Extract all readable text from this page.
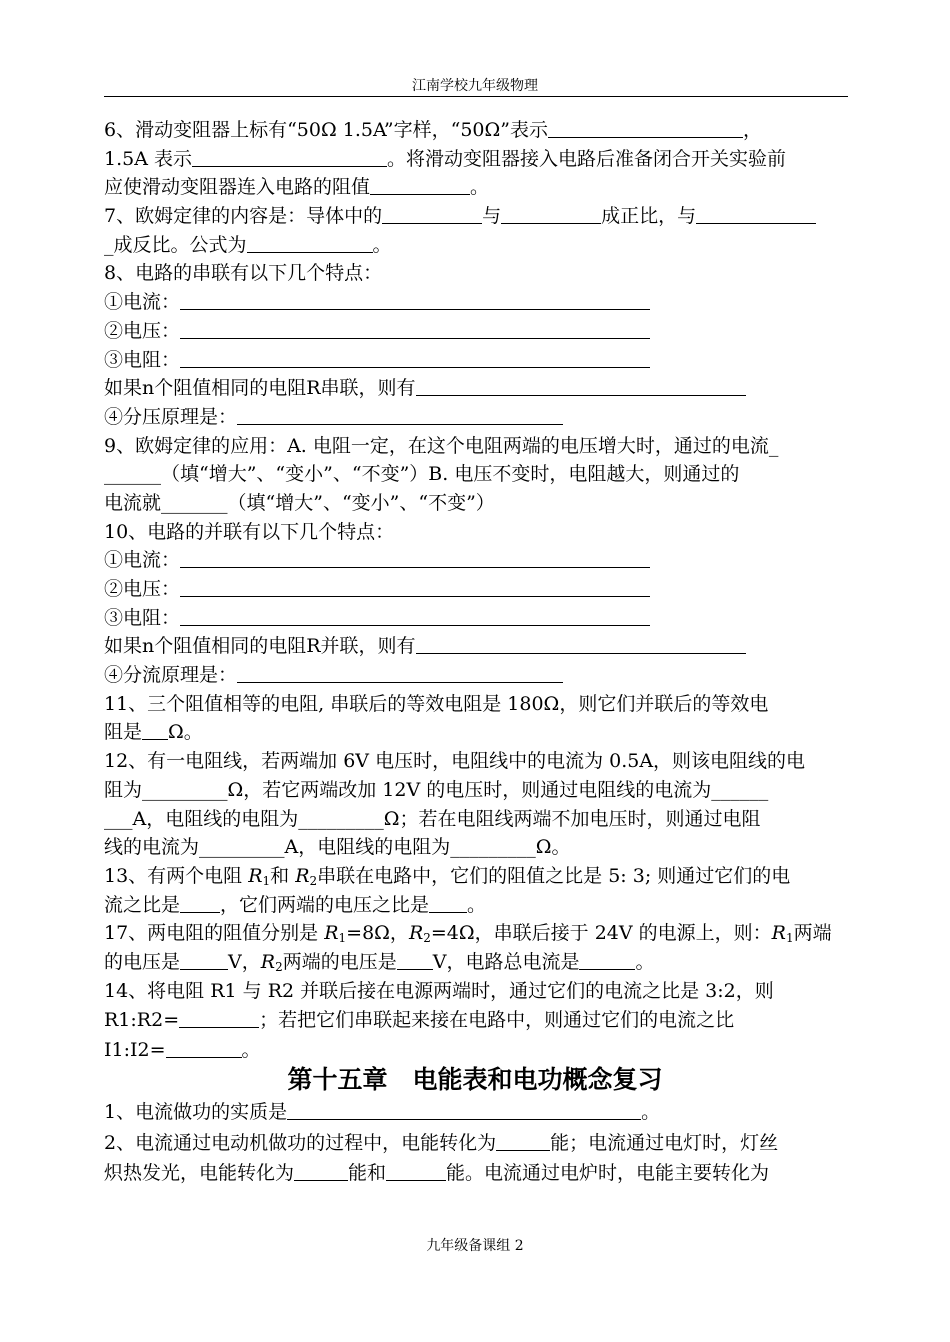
江南学校九年级物理
6、滑动变阻器上标有“50Ω 1.5A”字样，“50Ω”表示	，
1.5A 表示	。将滑动变阻器接入电路后准备闭合开关实验前
应使滑动变阻器连入电路的阻值	。
7、欧姆定律的内容是：导体中的	与	成正比，与
_成反比。公式为	。
8、电路的串联有以下几个特点：
①电流：
②电压：
③电阻：
如果n个阻值相同的电阻R串联，则有
④分压原理是：
9、欧姆定律的应用：A. 电阻一定，在这个电阻两端的电压增大时，通过的电流_
______（填“增大”、“变小”、“不变”）B. 电压不变时，电阻越大，则通过的
电流就_______（填“增大”、“变小”、“不变”）
10、电路的并联有以下几个特点：
①电流：
②电压：
③电阻：
如果n个阻值相同的电阻R并联，则有
④分流原理是：
11、三个阻值相等的电阻, 串联后的等效电阻是 180Ω，则它们并联后的等效电
阻是 Ω。
12、有一电阻线，若两端加 6V 电压时，电阻线中的电流为 0.5A，则该电阻线的电
阻为_________Ω，若它两端改加 12V 的电压时，则通过电阻线的电流为______
___A，电阻线的电阻为_________Ω；若在电阻线两端不加电压时，则通过电阻
线的电流为_________A，电阻线的电阻为_________Ω。
13、有两个电阻 $R_1$和 $R_2$串联在电路中，它们的阻值之比是 5: 3; 则通过它们的电
流之比是 ，它们两端的电压之比是 。
17、两电阻的阻值分别是 $R_1=8\Omega$，$R_2=4\Omega$，串联后接于 24V 的电源上，则：$R_1$两端
的电压是	V，$R_2$两端的电压是 V，电路总电流是	。
14、将电阻 R1 与 R2 并联后接在电源两端时，通过它们的电流之比是 3:2，则
R1:R2=	；若把它们串联起来接在电路中，则通过它们的电流之比
I1:I2=	。
第十五章　电能表和电功概念复习
1、电流做功的实质是	。
2、电流通过电动机做功的过程中，电能转化为	能；电流通过电灯时，灯丝
炽热发光，电能转化为	能和	能。电流通过电炉时，电能主要转化为
九年级备课组 2
